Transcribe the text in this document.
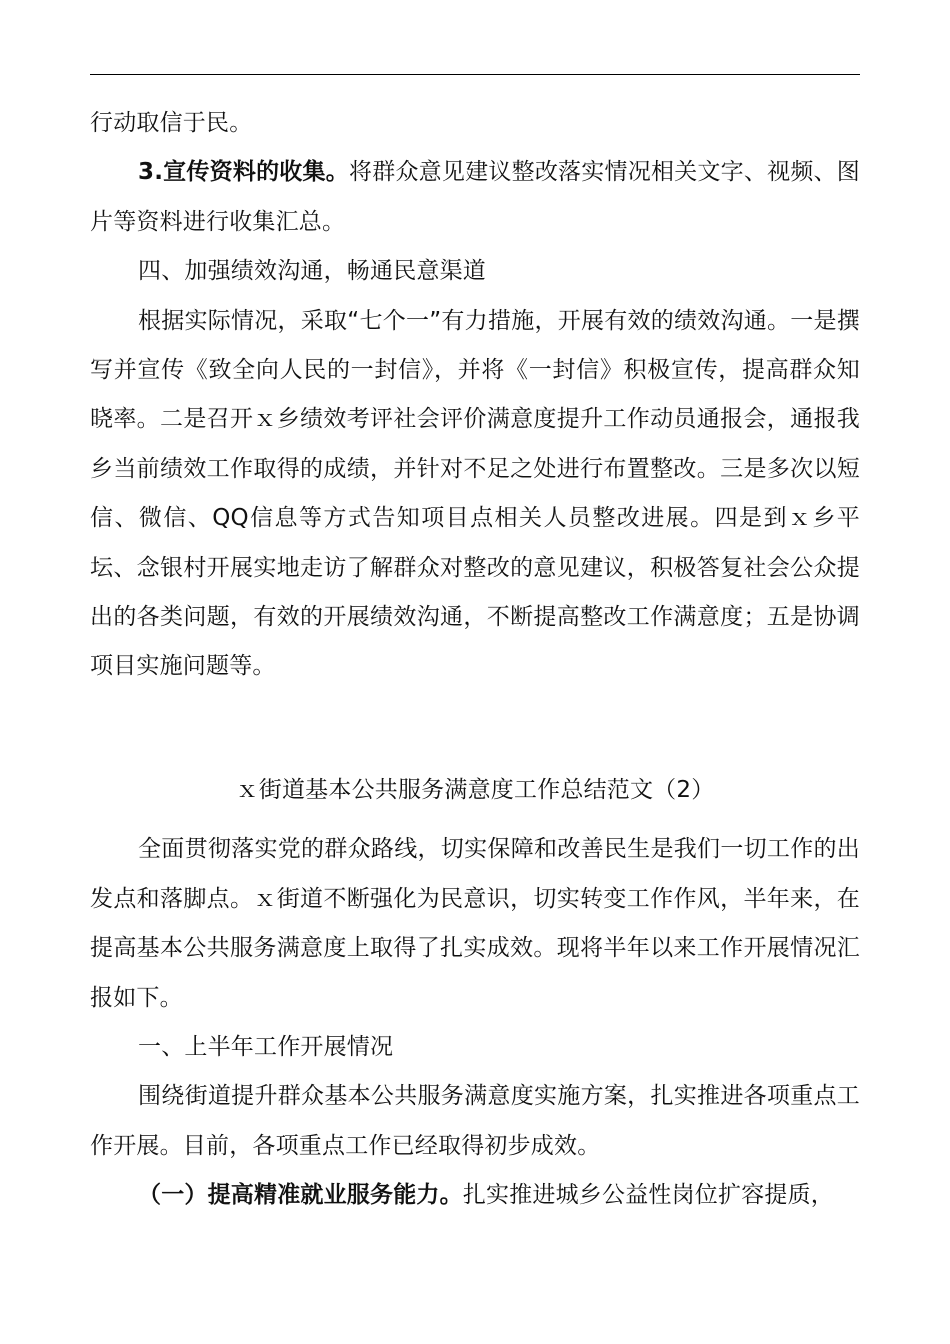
行动取信于民。

3.宣传资料的收集。将群众意见建议整改落实情况相关文字、视频、图片等资料进行收集汇总。

四、加强绩效沟通，畅通民意渠道

根据实际情况，采取“七个一”有力措施，开展有效的绩效沟通。一是撰写并宣传《致全向人民的一封信》，并将《一封信》积极宣传，提高群众知晓率。二是召开ｘ乡绩效考评社会评价满意度提升工作动员通报会，通报我乡当前绩效工作取得的成绩，并针对不足之处进行布置整改。三是多次以短信、微信、QQ信息等方式告知项目点相关人员整改进展。四是到ｘ乡平坛、念银村开展实地走访了解群众对整改的意见建议，积极答复社会公众提出的各类问题，有效的开展绩效沟通，不断提高整改工作满意度；五是协调项目实施问题等。

ｘ街道基本公共服务满意度工作总结范文（2）

全面贯彻落实党的群众路线，切实保障和改善民生是我们一切工作的出发点和落脚点。ｘ街道不断强化为民意识，切实转变工作作风，半年来，在提高基本公共服务满意度上取得了扎实成效。现将半年以来工作开展情况汇报如下。

一、上半年工作开展情况

围绕街道提升群众基本公共服务满意度实施方案，扎实推进各项重点工作开展。目前，各项重点工作已经取得初步成效。

（一）提高精准就业服务能力。扎实推进城乡公益性岗位扩容提质，
